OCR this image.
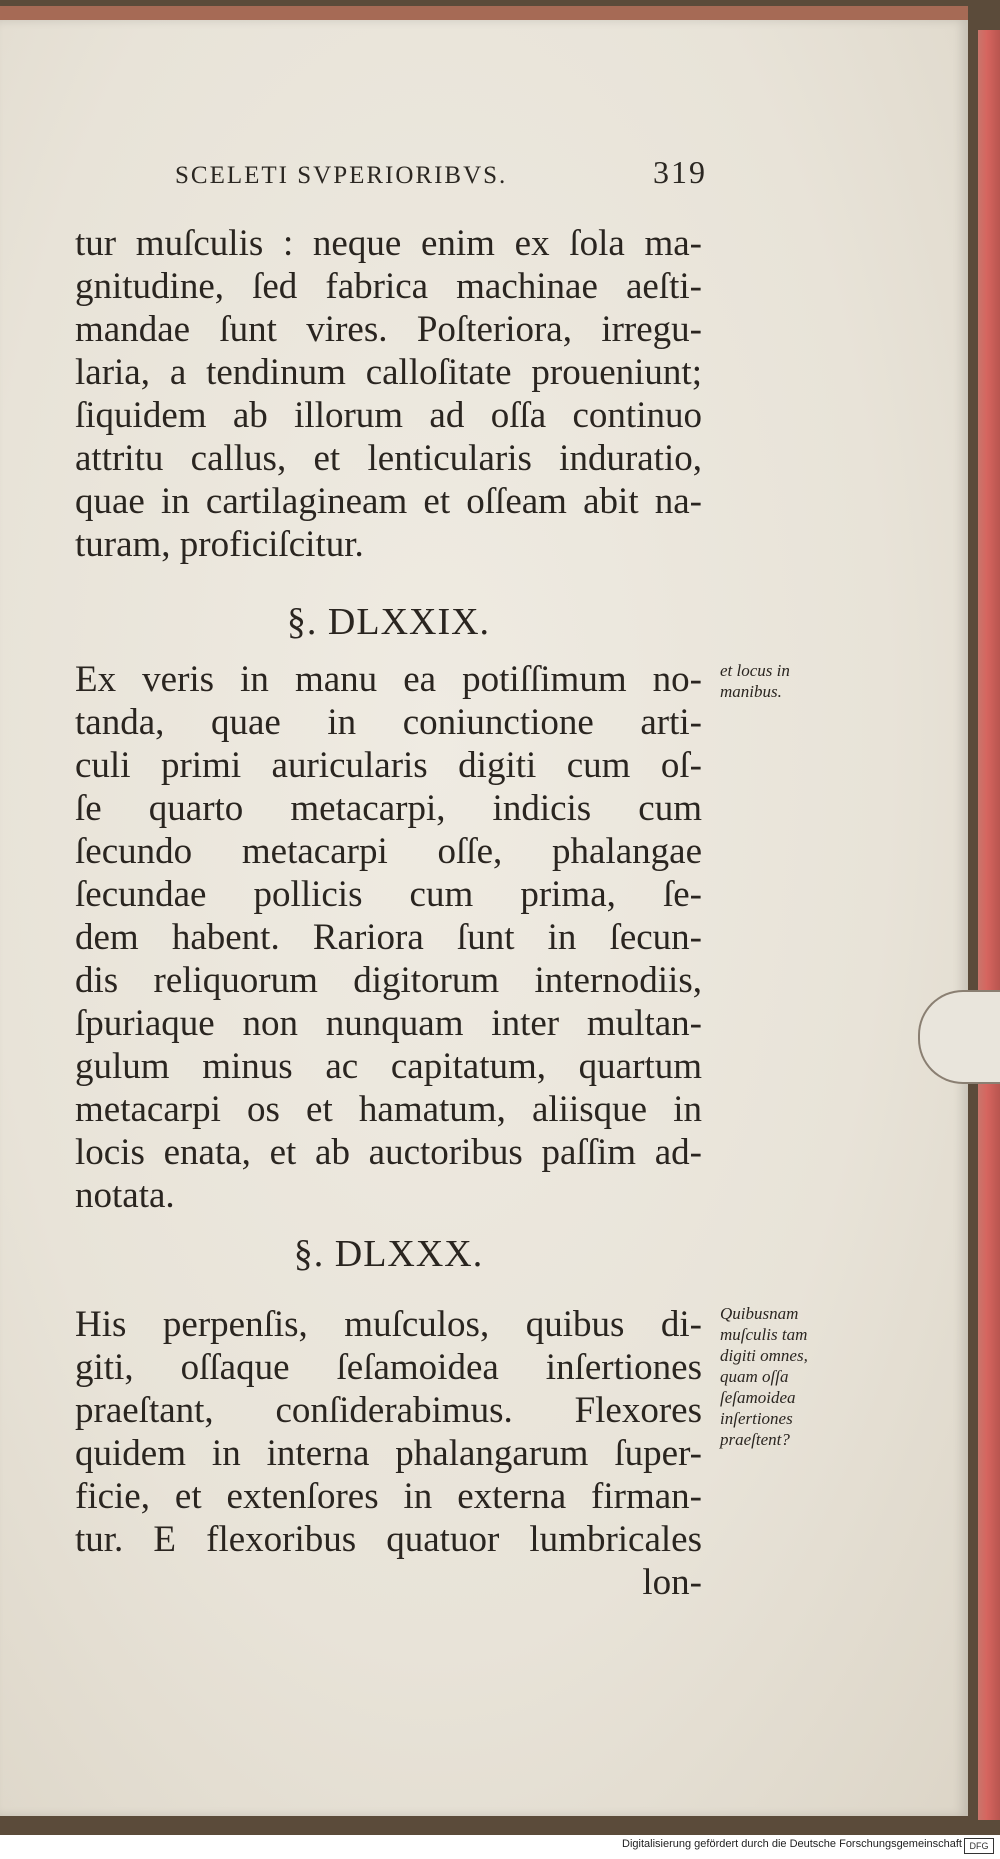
SCELETI SVPERIORIBVS.	319
tur muſculis : neque enim ex ſola ma-
gnitudine, ſed fabrica machinae aeſti-
mandae ſunt vires. Poſteriora, irregu-
laria, a tendinum calloſitate proueniunt;
ſiquidem ab illorum ad oſſa continuo
attritu callus, et lenticularis induratio,
quae in cartilagineam et oſſeam abit na-
turam, proficiſcitur.
§. DLXXIX.
Ex veris in manu ea potiſſimum no-
tanda, quae in coniunctione arti-
culi primi auricularis digiti cum oſ-
ſe quarto metacarpi, indicis cum
ſecundo metacarpi oſſe, phalangae
ſecundae pollicis cum prima, ſe-
dem habent. Rariora ſunt in ſecun-
dis reliquorum digitorum internodiis,
ſpuriaque non nunquam inter multan-
gulum minus ac capitatum, quartum
metacarpi os et hamatum, aliisque in
locis enata, et ab auctoribus paſſim ad-
notata.
et locus in
manibus.
§. DLXXX.
His perpenſis, muſculos, quibus di-
giti, oſſaque ſeſamoidea inſertiones
praeſtant, conſiderabimus. Flexores
quidem in interna phalangarum ſuper-
ficie, et extenſores in externa firman-
tur. E flexoribus quatuor lumbricales
lon-
Quibusnam
muſculis tam
digiti omnes,
quam oſſa
ſeſamoidea
inſertiones
praeſtent?
Digitalisierung gefördert durch die Deutsche Forschungsgemeinschaft DFG
